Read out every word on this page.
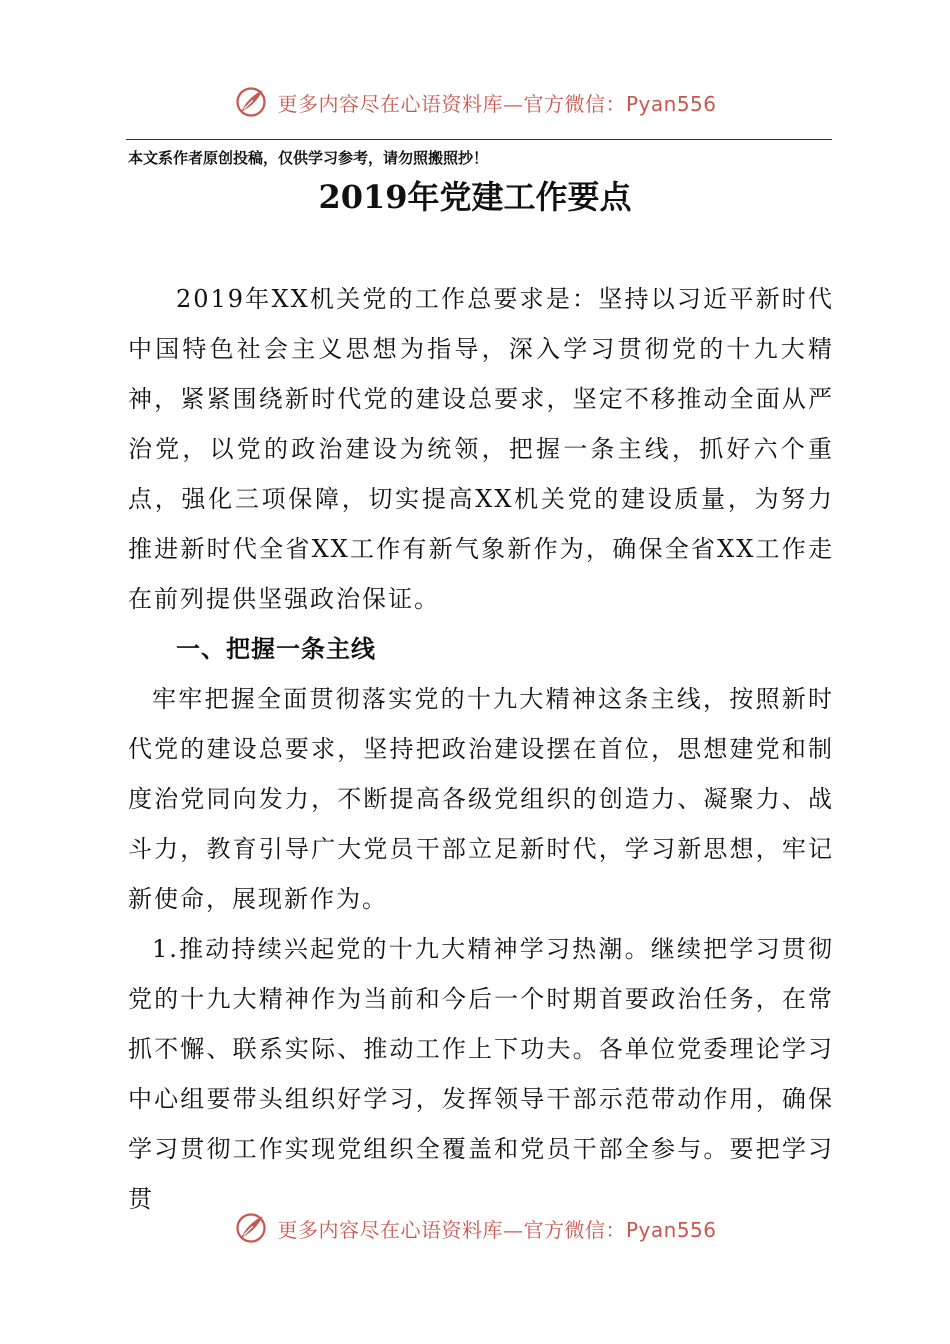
更多内容尽在心语资料库—官方微信：Pyan556
本文系作者原创投稿，仅供学习参考，请勿照搬照抄！
2019年党建工作要点

2019年XX机关党的工作总要求是：坚持以习近平新时代中国特色社会主义思想为指导，深入学习贯彻党的十九大精神，紧紧围绕新时代党的建设总要求，坚定不移推动全面从严治党，以党的政治建设为统领，把握一条主线，抓好六个重点，强化三项保障，切实提高XX机关党的建设质量，为努力推进新时代全省XX工作有新气象新作为，确保全省XX工作走在前列提供坚强政治保证。

一、把握一条主线

牢牢把握全面贯彻落实党的十九大精神这条主线，按照新时代党的建设总要求，坚持把政治建设摆在首位，思想建党和制度治党同向发力，不断提高各级党组织的创造力、凝聚力、战斗力，教育引导广大党员干部立足新时代，学习新思想，牢记新使命，展现新作为。

1.推动持续兴起党的十九大精神学习热潮。继续把学习贯彻党的十九大精神作为当前和今后一个时期首要政治任务，在常抓不懈、联系实际、推动工作上下功夫。各单位党委理论学习中心组要带头组织好学习，发挥领导干部示范带动作用，确保学习贯彻工作实现党组织全覆盖和党员干部全参与。要把学习贯

更多内容尽在心语资料库—官方微信：Pyan556
